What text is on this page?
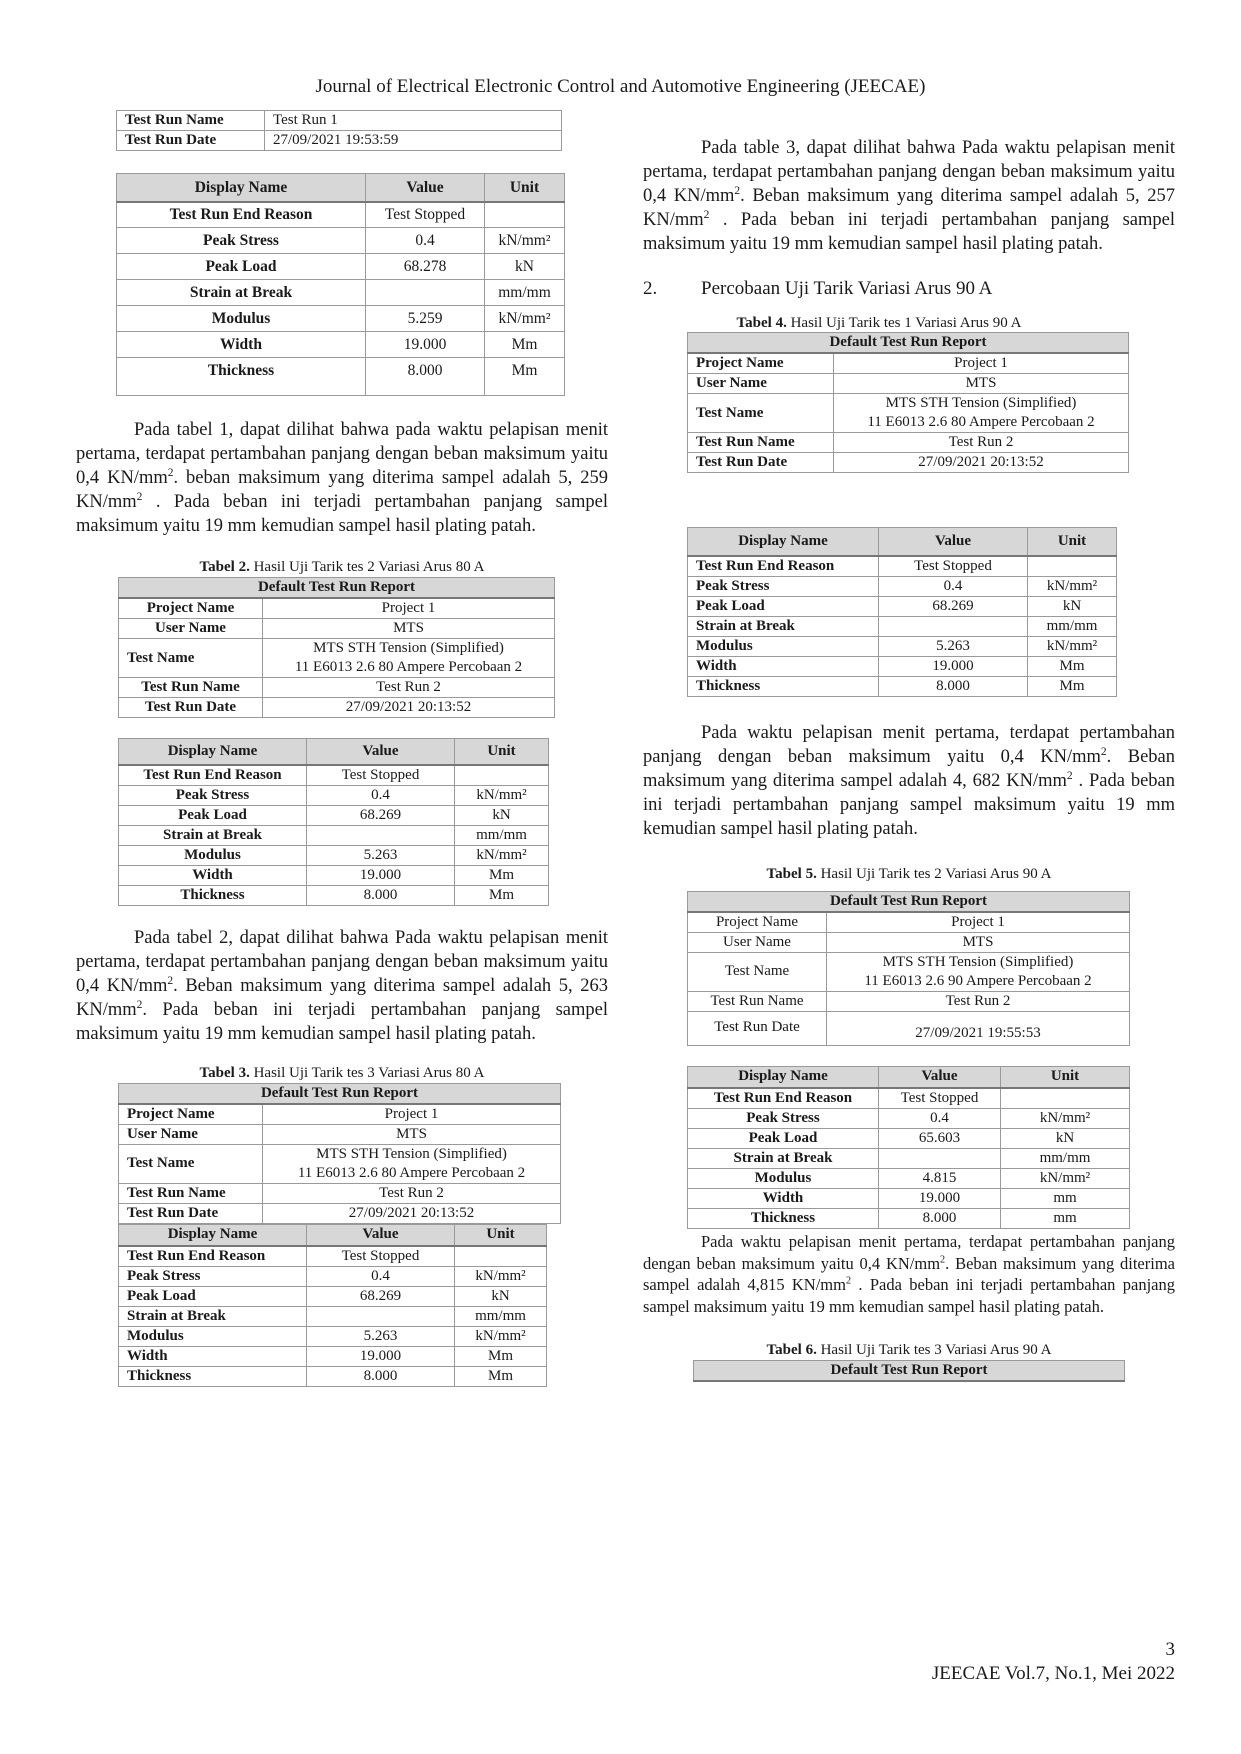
Journal of Electrical Electronic Control and Automotive Engineering (JEECAE)
Test Run Name	Test Run 1
Test Run Date	27/09/2021 19:53:59
Display Name	Value	Unit
Test Run End Reason	Test Stopped	
Peak Stress	0.4	kN/mm²
Peak Load	68.278	kN
Strain at Break		mm/mm
Modulus	5.259	kN/mm²
Width	19.000	Mm
Thickness	8.000	Mm

Pada tabel 1, dapat dilihat bahwa pada waktu pelapisan menit pertama, terdapat pertambahan panjang dengan beban maksimum yaitu 0,4 $KN/mm^2$. beban maksimum yang diterima sampel adalah 5, 259 $KN/mm^2$ . Pada beban ini terjadi pertambahan panjang sampel maksimum yaitu 19 mm kemudian sampel hasil plating patah.

Tabel 2. Hasil Uji Tarik tes 2 Variasi Arus 80 A
Default Test Run Report	
Project Name	Project 1
User Name	MTS
Test Name	MTS STH Tension (Simplified)
11 E6013 2.6 80 Ampere Percobaan 2

Test Run Name	Test Run 2
Test Run Date	27/09/2021 20:13:52
Display Name	Value	Unit
Test Run End Reason	Test Stopped	
Peak Stress	0.4	kN/mm²
Peak Load	68.269	kN
Strain at Break		mm/mm
Modulus	5.263	kN/mm²
Width	19.000	Mm
Thickness	8.000	Mm

Pada tabel 2, dapat dilihat bahwa Pada waktu pelapisan menit pertama, terdapat pertambahan panjang dengan beban maksimum yaitu 0,4 $KN/mm^2$. Beban maksimum yang diterima sampel adalah 5, 263 $KN/mm^2$. Pada beban ini terjadi pertambahan panjang sampel maksimum yaitu 19 mm kemudian sampel hasil plating patah.

Tabel 3. Hasil Uji Tarik tes 3 Variasi Arus 80 A
Default Test Run Report	
Project Name	Project 1
User Name	MTS
Test Name	MTS STH Tension (Simplified)
11 E6013 2.6 80 Ampere Percobaan 2

Test Run Name	Test Run 2
Test Run Date	27/09/2021 20:13:52
Display Name	Value	Unit
Test Run End Reason	Test Stopped	
Peak Stress	0.4	kN/mm²
Peak Load	68.269	kN
Strain at Break		mm/mm
Modulus	5.263	kN/mm²
Width	19.000	Mm
Thickness	8.000	Mm

Pada table 3, dapat dilihat bahwa Pada waktu pelapisan menit pertama, terdapat pertambahan panjang dengan beban maksimum yaitu 0,4 $KN/mm^2$. Beban maksimum yang diterima sampel adalah 5, 257 $KN/mm^2$ . Pada beban ini terjadi pertambahan panjang sampel maksimum yaitu 19 mm kemudian sampel hasil plating patah.

2. Percobaan Uji Tarik Variasi Arus 90 A
Tabel 4. Hasil Uji Tarik tes 1 Variasi Arus 90 A
Default Test Run Report	
Project Name	Project 1
User Name	MTS
Test Name	MTS STH Tension (Simplified)
11 E6013 2.6 80 Ampere Percobaan 2

Test Run Name	Test Run 2
Test Run Date	27/09/2021 20:13:52
Display Name	Value	Unit
Test Run End Reason	Test Stopped	
Peak Stress	0.4	kN/mm²
Peak Load	68.269	kN
Strain at Break		mm/mm
Modulus	5.263	kN/mm²
Width	19.000	Mm
Thickness	8.000	Mm

Pada waktu pelapisan menit pertama, terdapat pertambahan panjang dengan beban maksimum yaitu 0,4 $KN/mm^2$. Beban maksimum yang diterima sampel adalah 4, 682 $KN/mm^2$ . Pada beban ini terjadi pertambahan panjang sampel maksimum yaitu 19 mm kemudian sampel hasil plating patah.

Tabel 5. Hasil Uji Tarik tes 2 Variasi Arus 90 A
Default Test Run Report	
Project Name	Project 1
User Name	MTS
Test Name	MTS STH Tension (Simplified)
11 E6013 2.6 90 Ampere Percobaan 2

Test Run Name	Test Run 2
Test Run Date	27/09/2021 19:55:53
Display Name	Value	Unit
Test Run End Reason	Test Stopped	
Peak Stress	0.4	kN/mm²
Peak Load	65.603	kN
Strain at Break		mm/mm
Modulus	4.815	kN/mm²
Width	19.000	mm
Thickness	8.000	mm

Pada waktu pelapisan menit pertama, terdapat pertambahan panjang dengan beban maksimum yaitu 0,4 $KN/mm^2$. Beban maksimum yang diterima sampel adalah 4,815 $KN/mm^2$ . Pada beban ini terjadi pertambahan panjang sampel maksimum yaitu 19 mm kemudian sampel hasil plating patah.

Tabel 6. Hasil Uji Tarik tes 3 Variasi Arus 90 A
Default Test Run Report
3
JEECAE Vol.7, No.1, Mei 2022
